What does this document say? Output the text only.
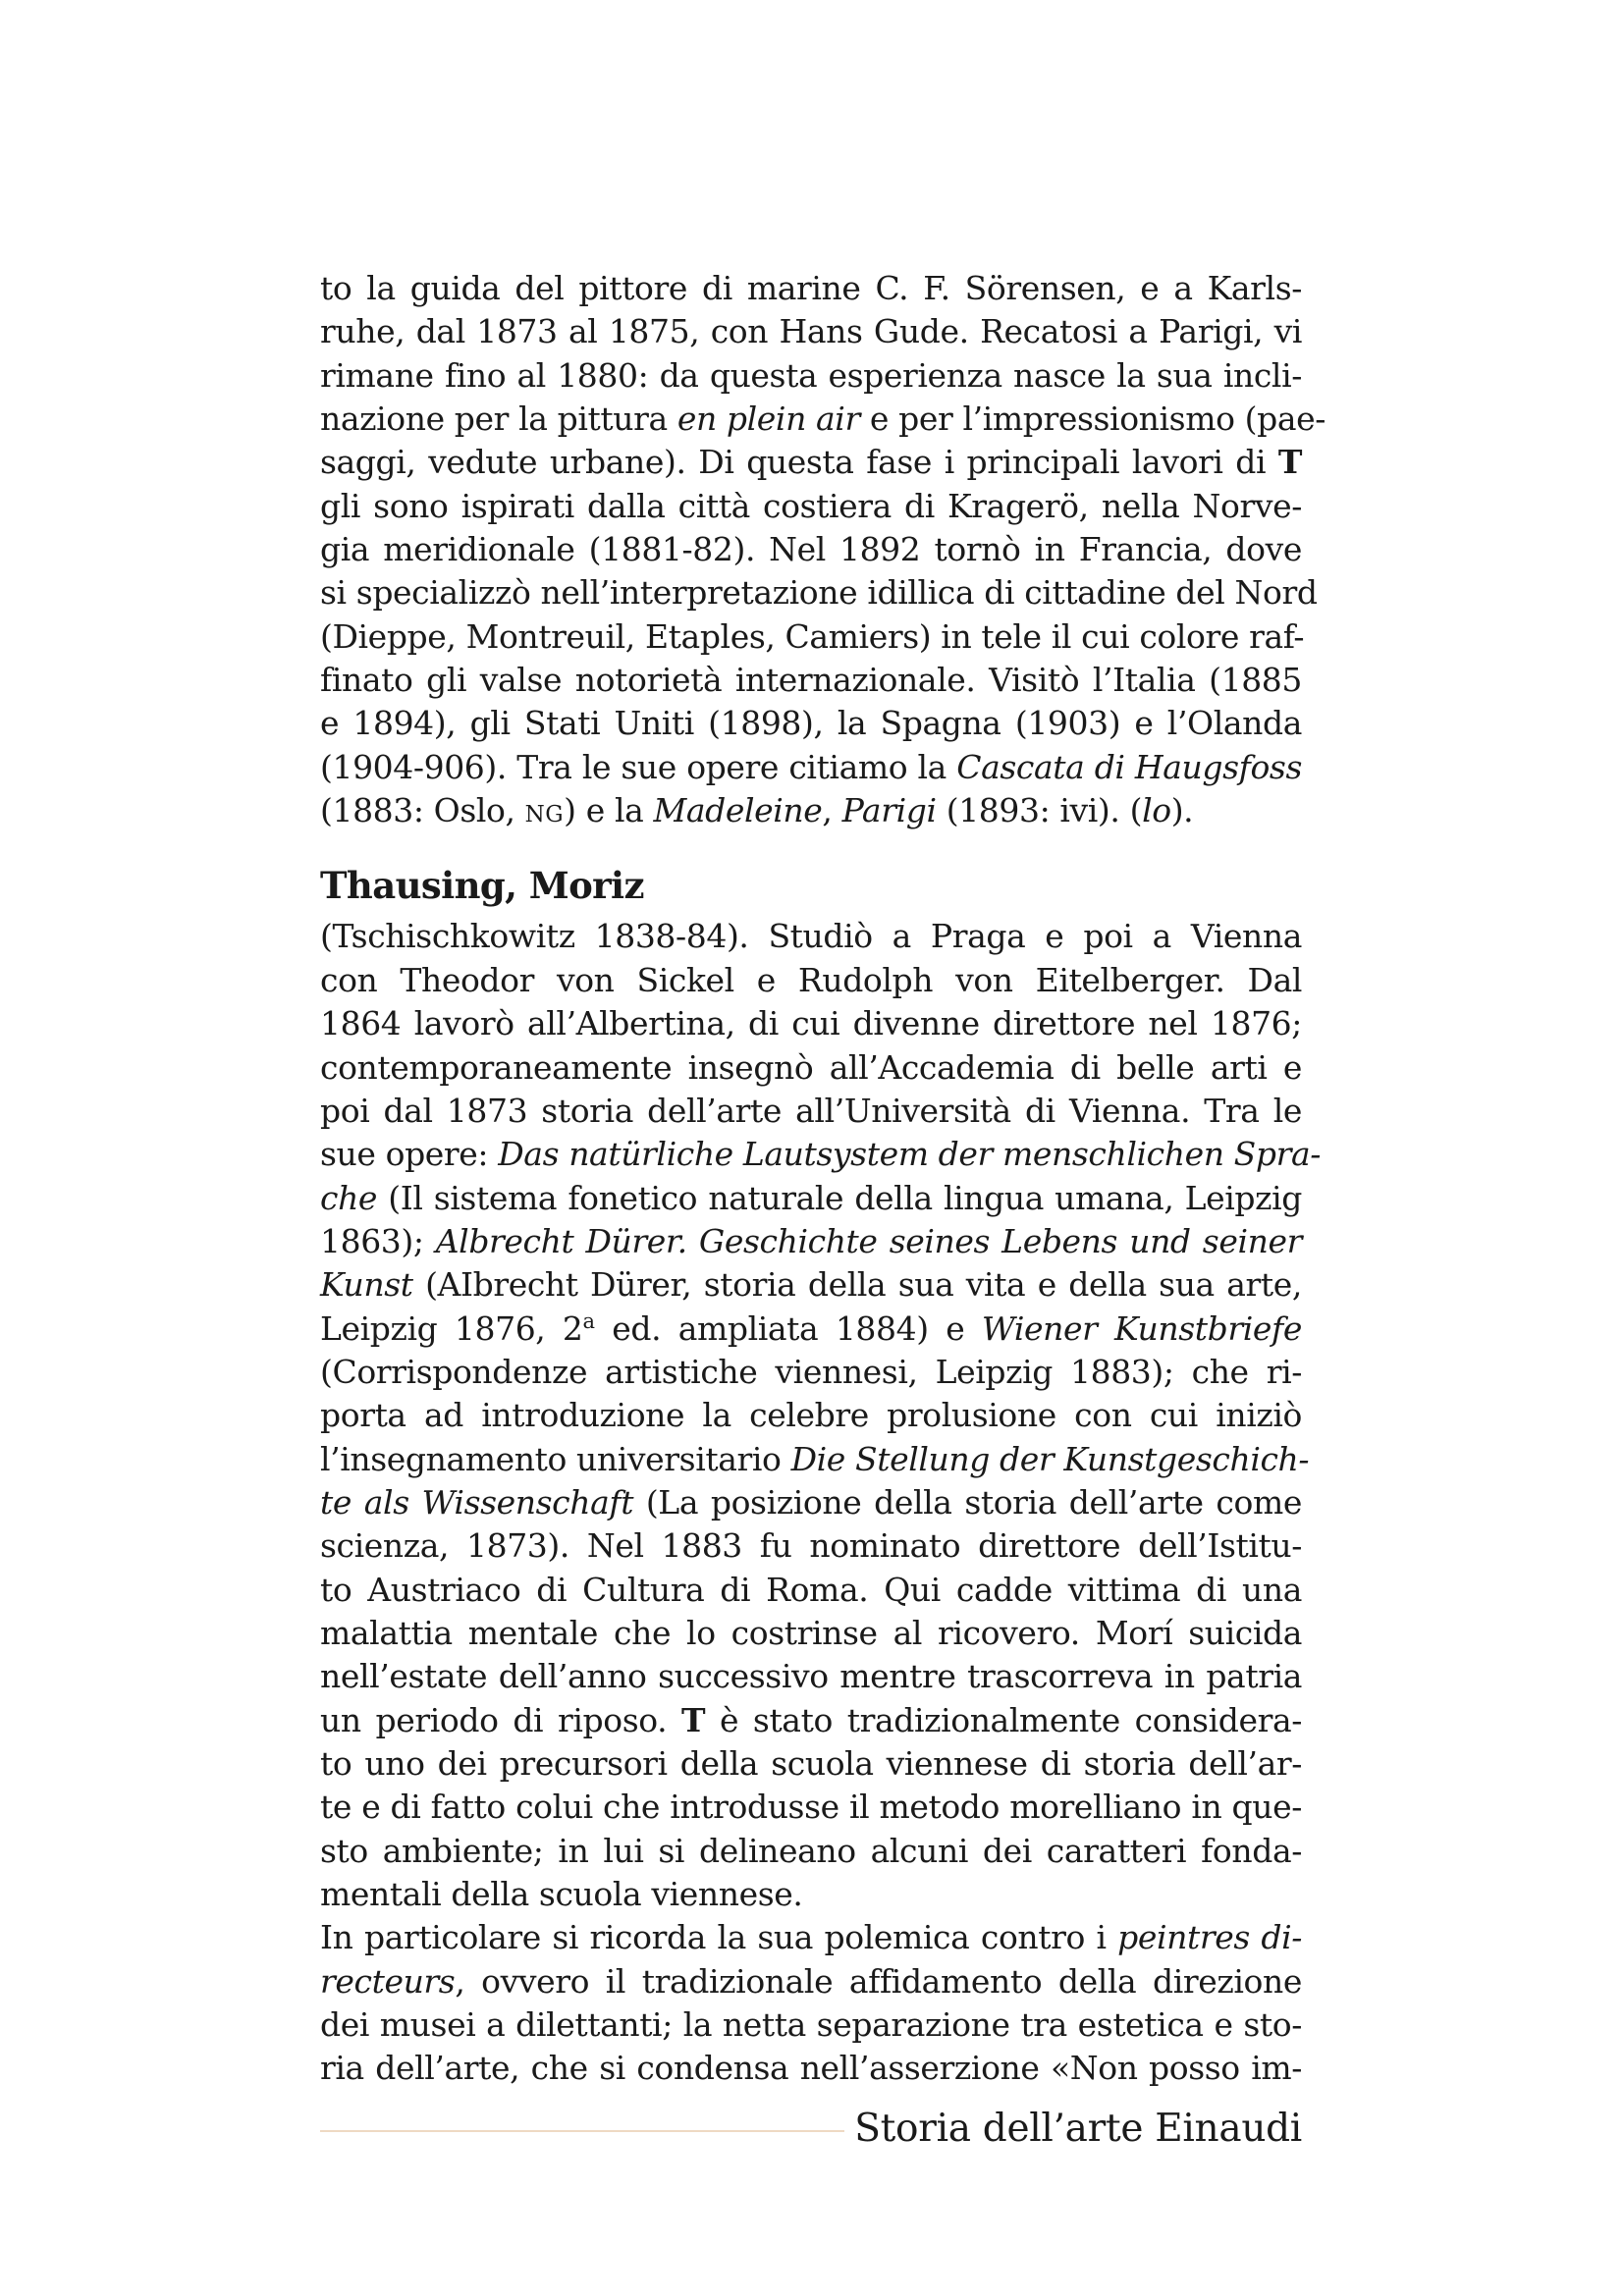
to la guida del pittore di marine C. F. Sörensen, e a Karls-
ruhe, dal 1873 al 1875, con Hans Gude. Recatosi a Parigi, vi
rimane fino al 1880: da questa esperienza nasce la sua incli-
nazione per la pittura en plein air e per l’impressionismo (pae-
saggi, vedute urbane). Di questa fase i principali lavori di T
gli sono ispirati dalla città costiera di Kragerö, nella Norve-
gia meridionale (1881-82). Nel 1892 tornò in Francia, dove
si specializzò nell’interpretazione idillica di cittadine del Nord
(Dieppe, Montreuil, Etaples, Camiers) in tele il cui colore raf-
finato gli valse notorietà internazionale. Visitò l’Italia (1885
e 1894), gli Stati Uniti (1898), la Spagna (1903) e l’Olanda
(1904-906). Tra le sue opere citiamo la Cascata di Haugsfoss
(1883: Oslo, NG) e la Madeleine, Parigi (1893: ivi). (lo).
Thausing, Moriz
(Tschischkowitz 1838-84). Studiò a Praga e poi a Vienna
con Theodor von Sickel e Rudolph von Eitelberger. Dal
1864 lavorò all’Albertina, di cui divenne direttore nel 1876;
contemporaneamente insegnò all’Accademia di belle arti e
poi dal 1873 storia dell’arte all’Università di Vienna. Tra le
sue opere: Das natürliche Lautsystem der menschlichen Spra-
che (Il sistema fonetico naturale della lingua umana, Leipzig
1863); Albrecht Dürer. Geschichte seines Lebens und seiner
Kunst (AIbrecht Dürer, storia della sua vita e della sua arte,
Leipzig 1876, 2$^a$ ed. ampliata 1884) e Wiener Kunstbriefe
(Corrispondenze artistiche viennesi, Leipzig 1883); che ri-
porta ad introduzione la celebre prolusione con cui iniziò
l’insegnamento universitario Die Stellung der Kunstgeschich-
te als Wissenschaft (La posizione della storia dell’arte come
scienza, 1873). Nel 1883 fu nominato direttore dell’Istitu-
to Austriaco di Cultura di Roma. Qui cadde vittima di una
malattia mentale che lo costrinse al ricovero. Morí suicida
nell’estate dell’anno successivo mentre trascorreva in patria
un periodo di riposo. T è stato tradizionalmente considera-
to uno dei precursori della scuola viennese di storia dell’ar-
te e di fatto colui che introdusse il metodo morelliano in que-
sto ambiente; in lui si delineano alcuni dei caratteri fonda-
mentali della scuola viennese.
In particolare si ricorda la sua polemica contro i peintres di-
recteurs, ovvero il tradizionale affidamento della direzione
dei musei a dilettanti; la netta separazione tra estetica e sto-
ria dell’arte, che si condensa nell’asserzione «Non posso im-
Storia dell’arte Einaudi
